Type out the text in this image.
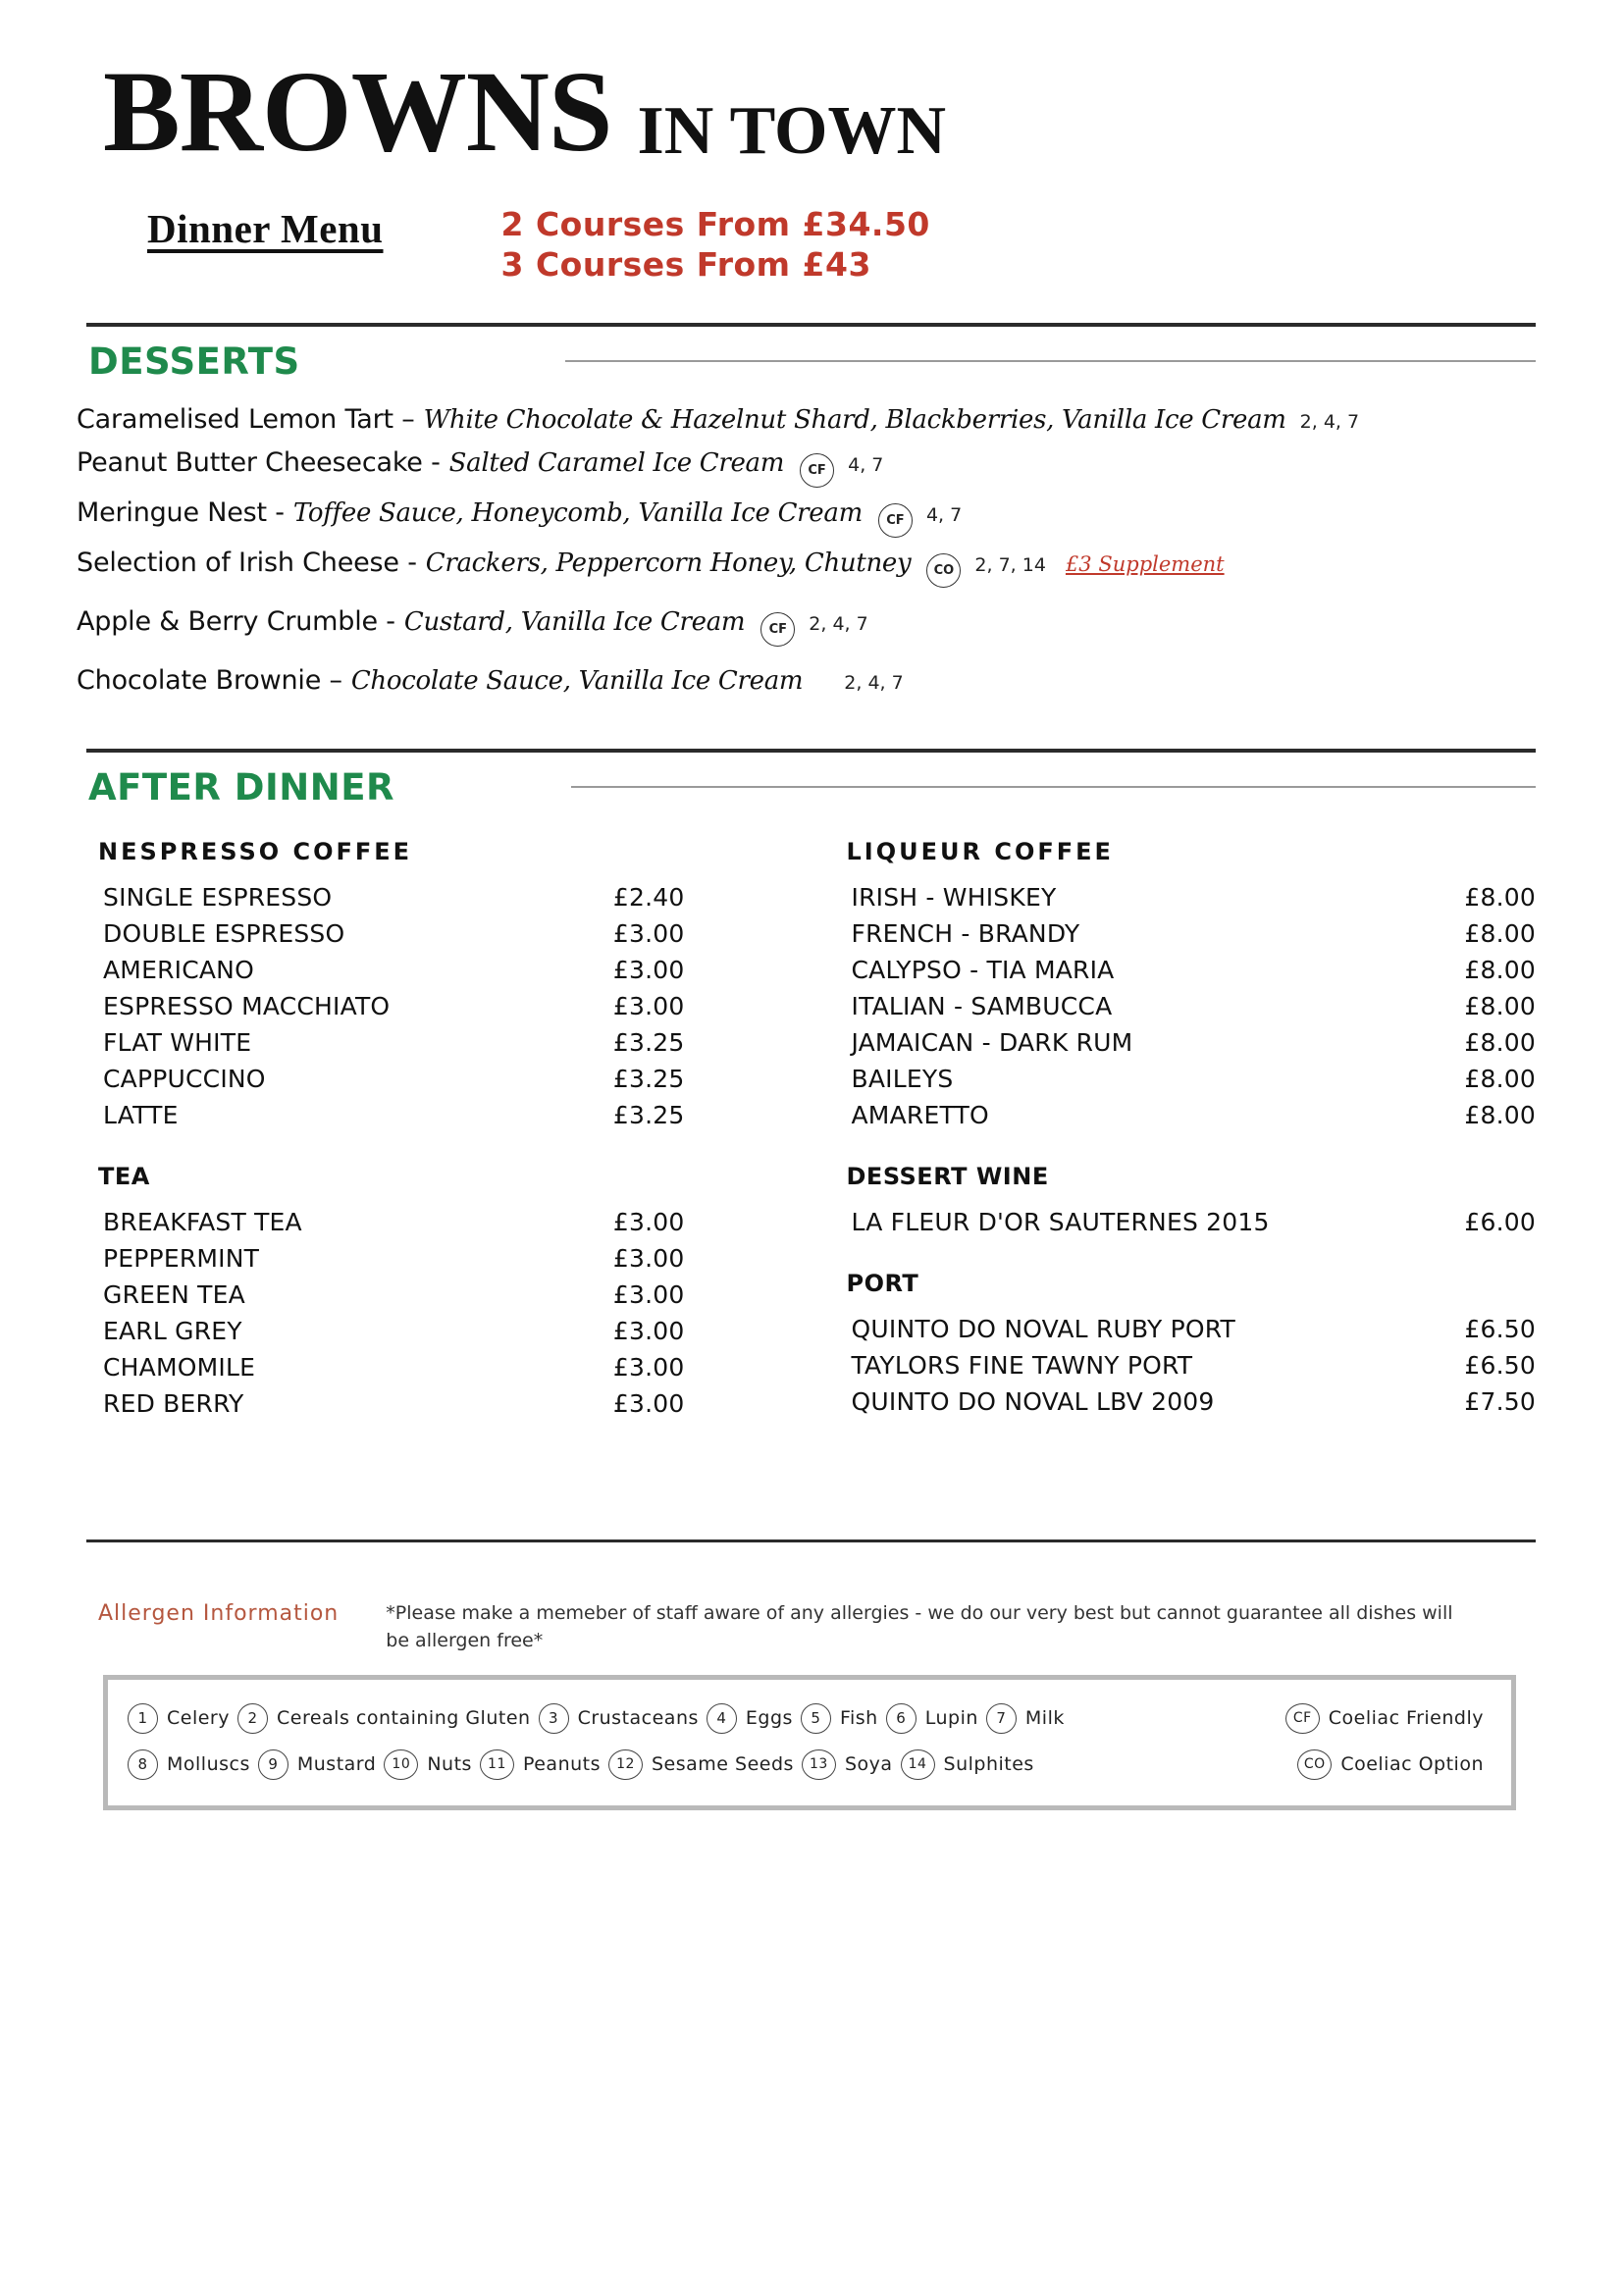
BROWNS IN TOWN
Dinner Menu	2 Courses From £34.50
3 Courses From £43
DESSERTS
Caramelised Lemon Tart – White Chocolate & Hazelnut Shard, Blackberries, Vanilla Ice Cream 2, 4, 7
Peanut Butter Cheesecake - Salted Caramel Ice Cream	CF	4, 7
Meringue Nest - Toffee Sauce, Honeycomb, Vanilla Ice Cream	CF	4, 7
Selection of Irish Cheese - Crackers, Peppercorn Honey, Chutney	CO	2, 7, 14 £3 Supplement
Apple & Berry Crumble - Custard, Vanilla Ice Cream	CF	2, 4, 7
Chocolate Brownie – Chocolate Sauce, Vanilla Ice Cream 2, 4, 7
AFTER DINNER
NESPRESSO COFFEE
SINGLE ESPRESSO	£2.40
DOUBLE ESPRESSO	£3.00
AMERICANO	£3.00
ESPRESSO MACCHIATO	£3.00
FLAT WHITE	£3.25
CAPPUCCINO	£3.25
LATTE	£3.25
TEA
BREAKFAST TEA	£3.00
PEPPERMINT	£3.00
GREEN TEA	£3.00
EARL GREY	£3.00
CHAMOMILE	£3.00
RED BERRY	£3.00
LIQUEUR COFFEE
IRISH - WHISKEY	£8.00
FRENCH - BRANDY	£8.00
CALYPSO - TIA MARIA	£8.00
ITALIAN - SAMBUCCA	£8.00
JAMAICAN - DARK RUM	£8.00
BAILEYS	£8.00
AMARETTO	£8.00
DESSERT WINE
LA FLEUR D'OR SAUTERNES 2015	£6.00
PORT
QUINTO DO NOVAL RUBY PORT	£6.50
TAYLORS FINE TAWNY PORT	£6.50
QUINTO DO NOVAL LBV 2009	£7.50
Allergen Information	*Please make a memeber of staff aware of any allergies - we do our very best but cannot guarantee all dishes will be allergen free*
1	Celery	2	Cereals containing Gluten	3	Crustaceans	4	Eggs	5	Fish	6	Lupin	7	Milk	CF Coeliac Friendly
8	Molluscs	9	Mustard	10 Nuts	11 Peanuts	12 Sesame Seeds	13 Soya	14 Sulphites	CO Coeliac Option
